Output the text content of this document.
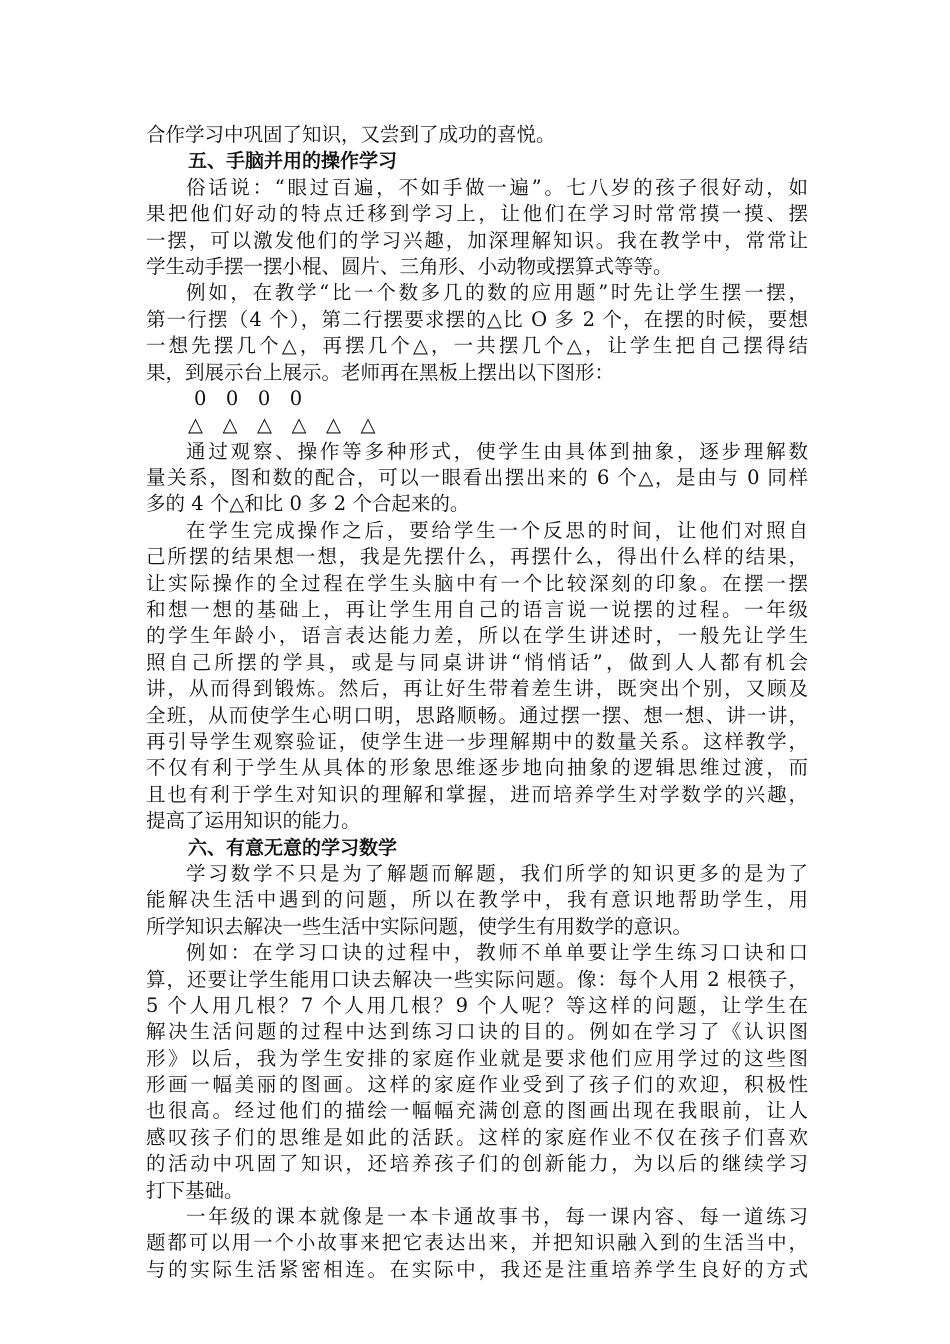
合作学习中巩固了知识，又尝到了成功的喜悦。
五、手脑并用的操作学习
俗话说：“眼过百遍，不如手做一遍”。七八岁的孩子很好动，如
果把他们好动的特点迁移到学习上，让他们在学习时常常摸一摸、摆
一摆，可以激发他们的学习兴趣，加深理解知识。我在教学中，常常让
学生动手摆一摆小棍、圆片、三角形、小动物或摆算式等等。
例如，在教学“比一个数多几的数的应用题”时先让学生摆一摆，
第一行摆（4 个），第二行摆要求摆的△比 O 多 2 个，在摆的时候，要想
一想先摆几个△，再摆几个△，一共摆几个△，让学生把自己摆得结
果，到展示台上展示。老师再在黑板上摆出以下图形：
0　0　0　0
△　△　△　△　△　△
通过观察、操作等多种形式，使学生由具体到抽象，逐步理解数
量关系，图和数的配合，可以一眼看出摆出来的 6 个△，是由与 0 同样
多的 4 个△和比 0 多 2 个合起来的。
在学生完成操作之后，要给学生一个反思的时间，让他们对照自
己所摆的结果想一想，我是先摆什么，再摆什么，得出什么样的结果，
让实际操作的全过程在学生头脑中有一个比较深刻的印象。在摆一摆
和想一想的基础上，再让学生用自己的语言说一说摆的过程。一年级
的学生年龄小，语言表达能力差，所以在学生讲述时，一般先让学生
照自己所摆的学具，或是与同桌讲讲“悄悄话”，做到人人都有机会
讲，从而得到锻炼。然后，再让好生带着差生讲，既突出个别，又顾及
全班，从而使学生心明口明，思路顺畅。通过摆一摆、想一想、讲一讲，
再引导学生观察验证，使学生进一步理解期中的数量关系。这样教学，
不仅有利于学生从具体的形象思维逐步地向抽象的逻辑思维过渡，而
且也有利于学生对知识的理解和掌握，进而培养学生对学数学的兴趣，
提高了运用知识的能力。
六、有意无意的学习数学
学习数学不只是为了解题而解题，我们所学的知识更多的是为了
能解决生活中遇到的问题，所以在教学中，我有意识地帮助学生，用
所学知识去解决一些生活中实际问题，使学生有用数学的意识。
例如：在学习口诀的过程中，教师不单单要让学生练习口诀和口
算，还要让学生能用口诀去解决一些实际问题。像：每个人用 2 根筷子，
5 个人用几根？7 个人用几根？9 个人呢？等这样的问题，让学生在
解决生活问题的过程中达到练习口诀的目的。例如在学习了《认识图
形》以后，我为学生安排的家庭作业就是要求他们应用学过的这些图
形画一幅美丽的图画。这样的家庭作业受到了孩子们的欢迎，积极性
也很高。经过他们的描绘一幅幅充满创意的图画出现在我眼前，让人
感叹孩子们的思维是如此的活跃。这样的家庭作业不仅在孩子们喜欢
的活动中巩固了知识，还培养孩子们的创新能力，为以后的继续学习
打下基础。
一年级的课本就像是一本卡通故事书，每一课内容、每一道练习
题都可以用一个小故事来把它表达出来，并把知识融入到的生活当中，
与的实际生活紧密相连。在实际中，我还是注重培养学生良好的方式
